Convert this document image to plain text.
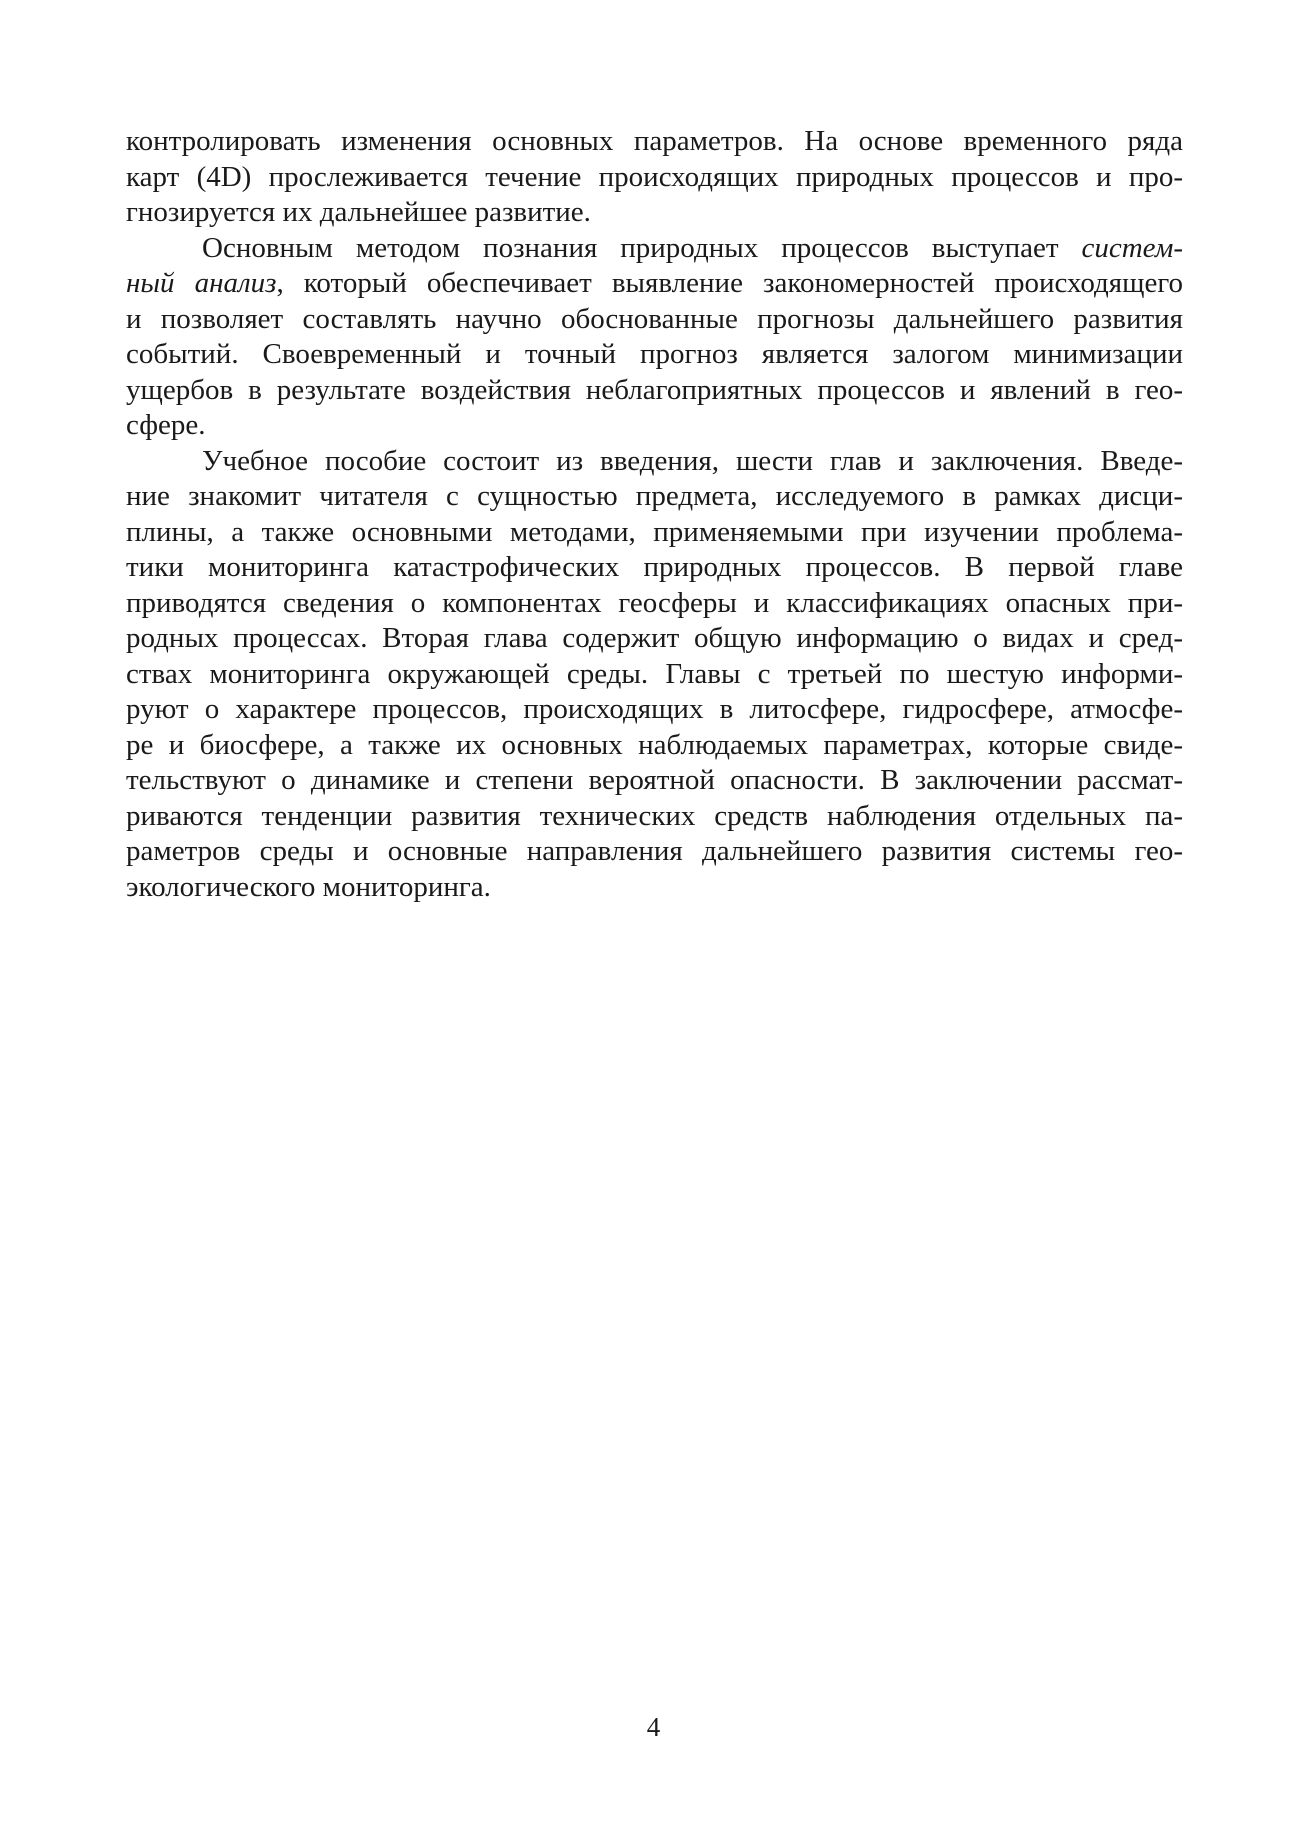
контролировать изменения основных параметров. На основе временного ряда
карт (4D) прослеживается течение происходящих природных процессов и про-
гнозируется их дальнейшее развитие.

Основным методом познания природных процессов выступает систем-
ный анализ, который обеспечивает выявление закономерностей происходящего
и позволяет составлять научно обоснованные прогнозы дальнейшего развития
событий. Своевременный и точный прогноз является залогом минимизации
ущербов в результате воздействия неблагоприятных процессов и явлений в гео-
сфере.

Учебное пособие состоит из введения, шести глав и заключения. Введе-
ние знакомит читателя с сущностью предмета, исследуемого в рамках дисци-
плины, а также основными методами, применяемыми при изучении проблема-
тики мониторинга катастрофических природных процессов. В первой главе
приводятся сведения о компонентах геосферы и классификациях опасных при-
родных процессах. Вторая глава содержит общую информацию о видах и сред-
ствах мониторинга окружающей среды. Главы с третьей по шестую информи-
руют о характере процессов, происходящих в литосфере, гидросфере, атмосфе-
ре и биосфере, а также их основных наблюдаемых параметрах, которые свиде-
тельствуют о динамике и степени вероятной опасности. В заключении рассмат-
риваются тенденции развития технических средств наблюдения отдельных па-
раметров среды и основные направления дальнейшего развития системы гео-
экологического мониторинга.

4
